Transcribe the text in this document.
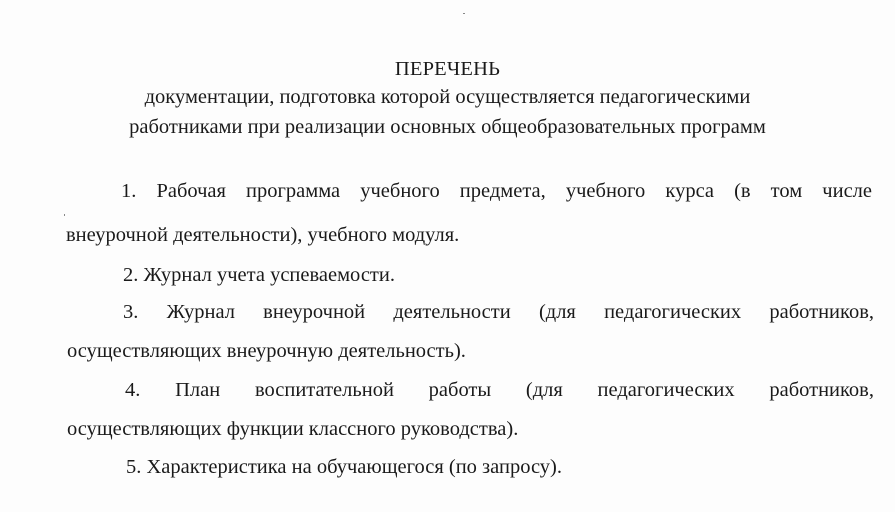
ПЕРЕЧЕНЬ

документации, подготовка которой осуществляется педагогическими

работниками при реализации основных общеобразовательных программ

1. Рабочая программа учебного предмета, учебного курса (в том числе

внеурочной деятельности), учебного модуля.

2. Журнал учета успеваемости.

3. Журнал внеурочной деятельности (для педагогических работников,

осуществляющих внеурочную деятельность).

4. План воспитательной работы (для педагогических работников,

осуществляющих функции классного руководства).

5. Характеристика на обучающегося (по запросу).
